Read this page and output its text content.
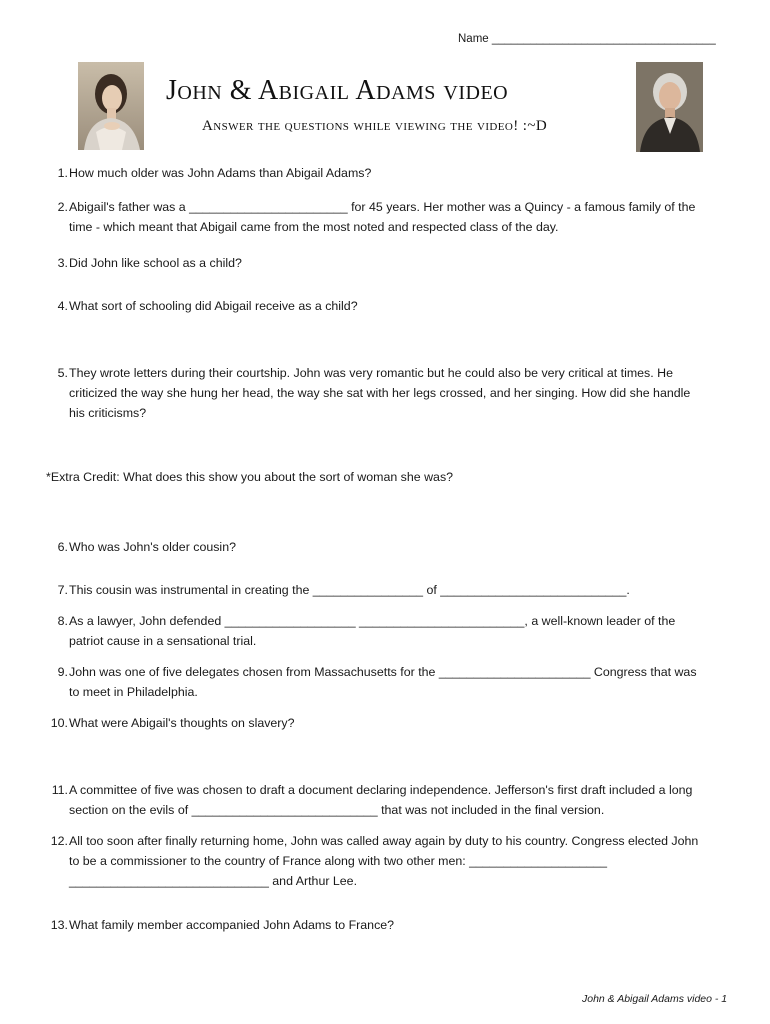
Name ___________________________________
John & Abigail Adams video
Answer the questions while viewing the video! :~D
1. How much older was John Adams than Abigail Adams?
2. Abigail's father was a _______________________ for 45 years. Her mother was a Quincy - a famous family of the time - which meant that Abigail came from the most noted and respected class of the day.
3. Did John like school as a child?
4. What sort of schooling did Abigail receive as a child?
5. They wrote letters during their courtship. John was very romantic but he could also be very critical at times. He criticized the way she hung her head, the way she sat with her legs crossed, and her singing. How did she handle his criticisms?
*Extra Credit: What does this show you about the sort of woman she was?
6. Who was John's older cousin?
7. This cousin was instrumental in creating the ________________ of ___________________________.
8. As a lawyer, John defended ___________________ ________________________, a well-known leader of the patriot cause in a sensational trial.
9. John was one of five delegates chosen from Massachusetts for the ______________________ Congress that was to meet in Philadelphia.
10. What were Abigail's thoughts on slavery?
11. A committee of five was chosen to draft a document declaring independence. Jefferson's first draft included a long section on the evils of ___________________________ that was not included in the final version.
12. All too soon after finally returning home, John was called away again by duty to his country. Congress elected John to be a commissioner to the country of France along with two other men: ____________________ _____________________________ and Arthur Lee.
13. What family member accompanied John Adams to France?
John & Abigail Adams video - 1
